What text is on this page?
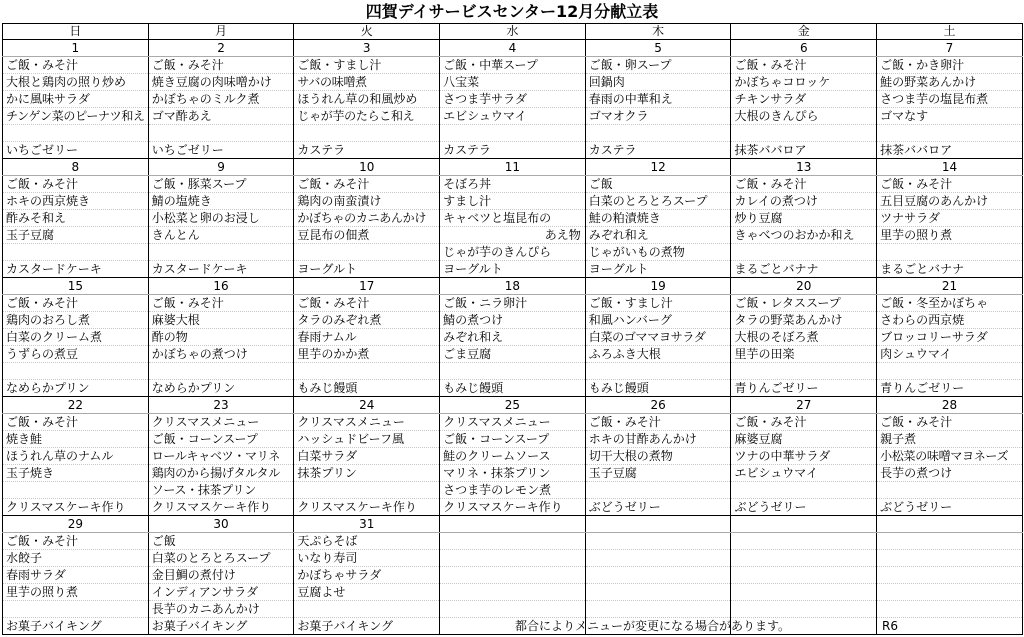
四賀デイサービスセンター12月分献立表
日	月	火	水	木	金	土
1	2	3	4	5	6	7
ご飯・みそ汁	ご飯・みそ汁	ご飯・すまし汁	ご飯・中華スープ	ご飯・卵スープ	ご飯・みそ汁	ご飯・かき卵汁
大根と鶏肉の照り炒め	焼き豆腐の肉味噌かけ	サバの味噌煮	八宝菜	回鍋肉	かぼちゃコロッケ	鮭の野菜あんかけ
かに風味サラダ	かぼちゃのミルク煮	ほうれん草の和風炒め	さつま芋サラダ	春雨の中華和え	チキンサラダ	さつま芋の塩昆布煮
チンゲン菜のピーナツ和え	ゴマ酢あえ	じゃが芋のたらこ和え	エビシュウマイ	ゴマオクラ	大根のきんぴら	ゴマなす

いちごゼリー	いちごゼリー	カステラ	カステラ	カステラ	抹茶ババロア	抹茶ババロア
8	9	10	11	12	13	14
ご飯・みそ汁	ご飯・豚菜スープ	ご飯・みそ汁	そぼろ丼	ご飯	ご飯・みそ汁	ご飯・みそ汁
ホキの西京焼き	鯖の塩焼き	鶏肉の南蛮漬け	すまし汁	白菜のとろとろスープ	カレイの煮つけ	五目豆腐のあんかけ
酢みそ和え	小松菜と卵のお浸し	かぼちゃのカニあんかけ	キャベツと塩昆布の	鮭の粕漬焼き	炒り豆腐	ツナサラダ
玉子豆腐	きんとん	豆昆布の佃煮	あえ物	みぞれ和え	きゃべつのおかか和え	里芋の照り煮
			じゃが芋のきんぴら	じゃがいもの煮物		
カスタードケーキ	カスタードケーキ	ヨーグルト	ヨーグルト	ヨーグルト	まるごとバナナ	まるごとバナナ
15	16	17	18	19	20	21
ご飯・みそ汁	ご飯・みそ汁	ご飯・みそ汁	ご飯・ニラ卵汁	ご飯・すまし汁	ご飯・レタススープ	ご飯・冬至かぼちゃ
鶏肉のおろし煮	麻婆大根	タラのみぞれ煮	鯖の煮つけ	和風ハンバーグ	タラの野菜あんかけ	さわらの西京焼
白菜のクリーム煮	酢の物	春雨ナムル	みぞれ和え	白菜のゴママヨサラダ	大根のそぼろ煮	ブロッコリーサラダ
うずらの煮豆	かぼちゃの煮つけ	里芋のかか煮	ごま豆腐	ふろふき大根	里芋の田楽	肉シュウマイ

なめらかプリン	なめらかプリン	もみじ饅頭	もみじ饅頭	もみじ饅頭	青りんごゼリー	青りんごゼリー
22	23	24	25	26	27	28
ご飯・みそ汁	クリスマスメニュー	クリスマスメニュー	クリスマスメニュー	ご飯・みそ汁	ご飯・みそ汁	ご飯・みそ汁
焼き鮭	ご飯・コーンスープ	ハッシュドビーフ風	ご飯・コーンスープ	ホキの甘酢あんかけ	麻婆豆腐	親子煮
ほうれん草のナムル	ロールキャベツ・マリネ	白菜サラダ	鮭のクリームソース	切干大根の煮物	ツナの中華サラダ	小松菜の味噌マヨネーズ
玉子焼き	鶏肉のから揚げタルタル	抹茶プリン	マリネ・抹茶プリン	玉子豆腐	エビシュウマイ	長芋の煮つけ
	ソース・抹茶プリン		さつま芋のレモン煮			
クリスマスケーキ作り	クリスマスケーキ作り	クリスマスケーキ作り	クリスマスケーキ作り	ぶどうゼリー	ぶどうゼリー	ぶどうゼリー
29	30	31				
ご飯・みそ汁	ご飯	天ぷらそば				
水餃子	白菜のとろとろスープ	いなり寿司				
春雨サラダ	金目鯛の煮付け	かぼちゃサラダ				
里芋の照り煮	インディアンサラダ	豆腐よせ				
	長芋のカニあんかけ					
お菓子バイキング	お菓子バイキング	お菓子バイキング					都合によりメニューが変更になる場合があります。	R6
